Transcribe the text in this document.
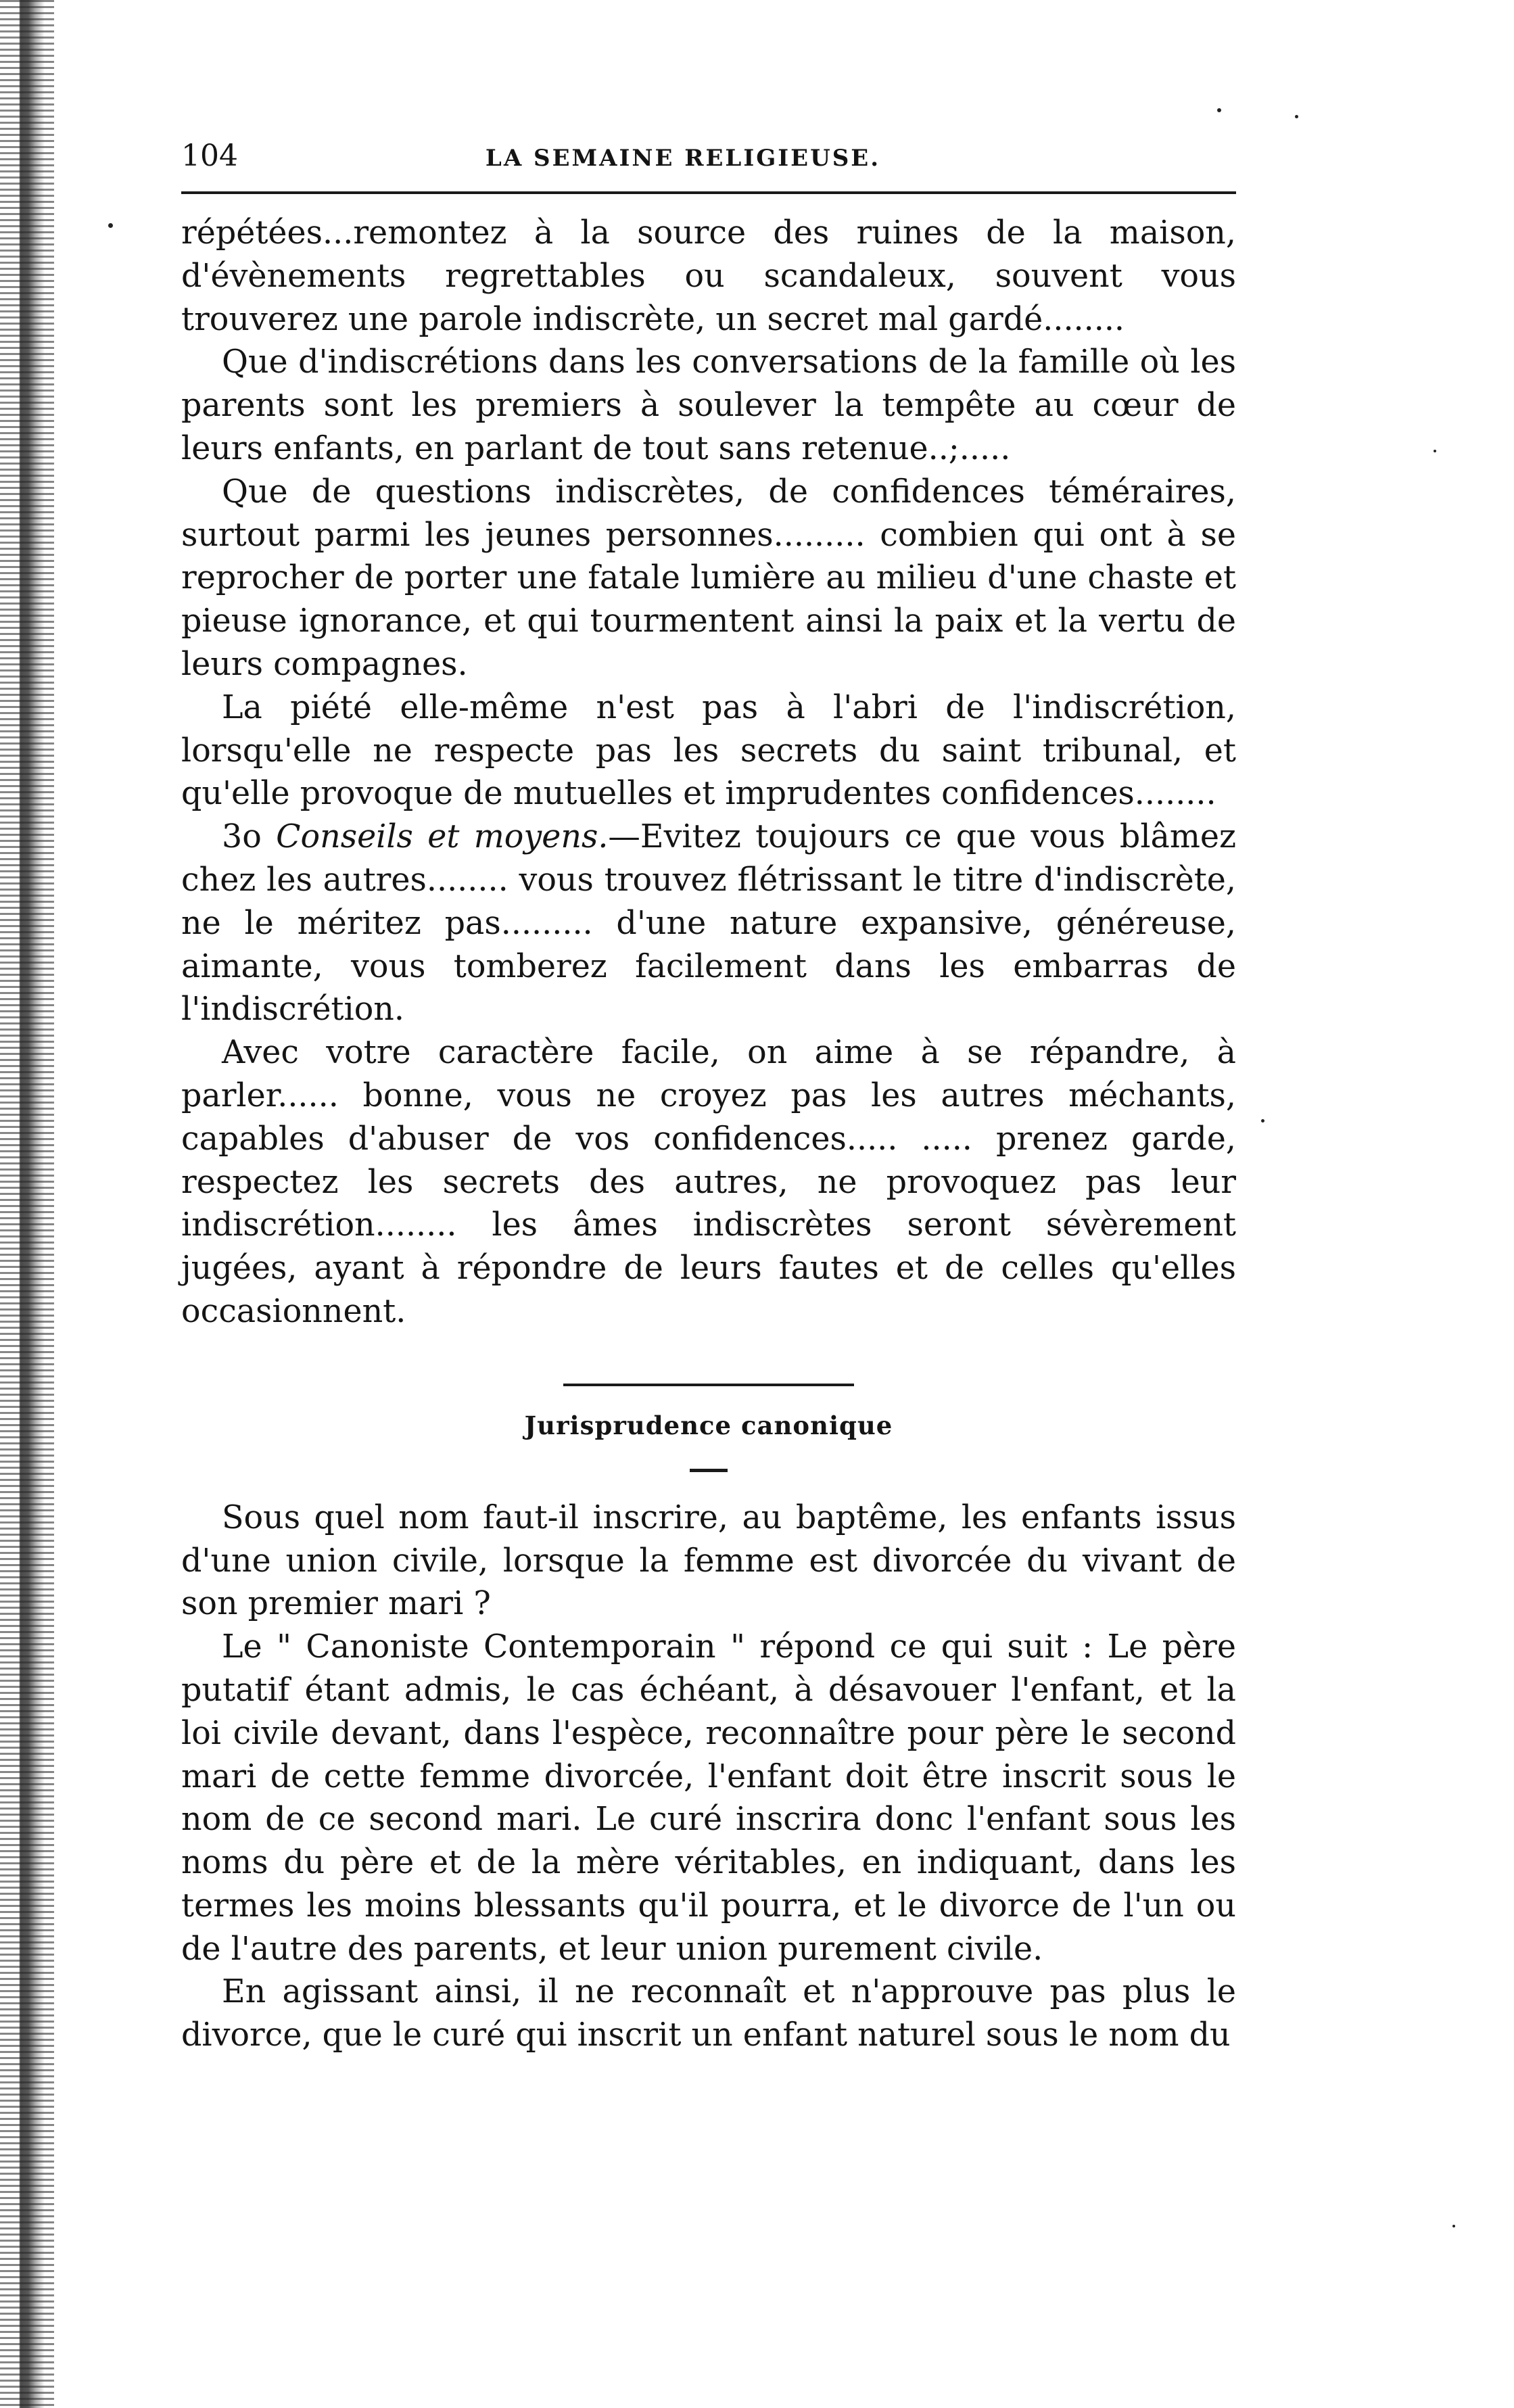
104	LA SEMAINE RELIGIEUSE.

répétées...remontez à la source des ruines de la maison, d'évènements regrettables ou scandaleux, souvent vous trouverez une parole indiscrète, un secret mal gardé........

Que d'indiscrétions dans les conversations de la famille où les parents sont les premiers à soulever la tempête au cœur de leurs enfants, en parlant de tout sans retenue..;.....

Que de questions indiscrètes, de confidences téméraires, surtout parmi les jeunes personnes......... combien qui ont à se reprocher de porter une fatale lumière au milieu d'une chaste et pieuse ignorance, et qui tourmentent ainsi la paix et la vertu de leurs compagnes.

La piété elle-même n'est pas à l'abri de l'indiscrétion, lorsqu'elle ne respecte pas les secrets du saint tribunal, et qu'elle provoque de mutuelles et imprudentes confidences........

3o Conseils et moyens.—Evitez toujours ce que vous blâmez chez les autres........ vous trouvez flétrissant le titre d'indiscrète, ne le méritez pas......... d'une nature expansive, généreuse, aimante, vous tomberez facilement dans les embarras de l'indiscrétion.

Avec votre caractère facile, on aime à se répandre, à parler...... bonne, vous ne croyez pas les autres méchants, capables d'abuser de vos confidences..... ..... prenez garde, respectez les secrets des autres, ne provoquez pas leur indiscrétion........ les âmes indiscrètes seront sévèrement jugées, ayant à répondre de leurs fautes et de celles qu'elles occasionnent.

Jurisprudence canonique

Sous quel nom faut-il inscrire, au baptême, les enfants issus d'une union civile, lorsque la femme est divorcée du vivant de son premier mari ?

Le " Canoniste Contemporain " répond ce qui suit : Le père putatif étant admis, le cas échéant, à désavouer l'enfant, et la loi civile devant, dans l'espèce, reconnaître pour père le second mari de cette femme divorcée, l'enfant doit être inscrit sous le nom de ce second mari. Le curé inscrira donc l'enfant sous les noms du père et de la mère véritables, en indiquant, dans les termes les moins blessants qu'il pourra, et le divorce de l'un ou de l'autre des parents, et leur union purement civile.

En agissant ainsi, il ne reconnaît et n'approuve pas plus le divorce, que le curé qui inscrit un enfant naturel sous le nom du
